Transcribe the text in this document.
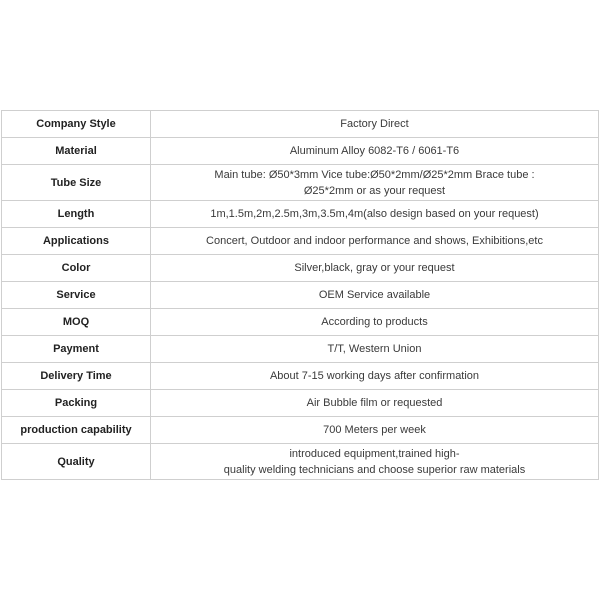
Company Style	Factory Direct

Material	Aluminum Alloy 6082-T6 / 6061-T6

Tube Size	Main tube: Ø50*3mm Vice tube:Ø50*2mm/Ø25*2mm Brace tube :
Ø25*2mm or as your request

Length	1m,1.5m,2m,2.5m,3m,3.5m,4m(also design based on your request)

Applications	Concert, Outdoor and indoor performance and shows, Exhibitions,etc

Color	Silver,black, gray or your request

Service	OEM Service available

MOQ	According to products

Payment	T/T, Western Union

Delivery Time	About 7-15 working days after confirmation

Packing	Air Bubble film or requested

production capability	700 Meters per week

Quality	introduced equipment,trained high-
quality welding technicians and choose superior raw materials
